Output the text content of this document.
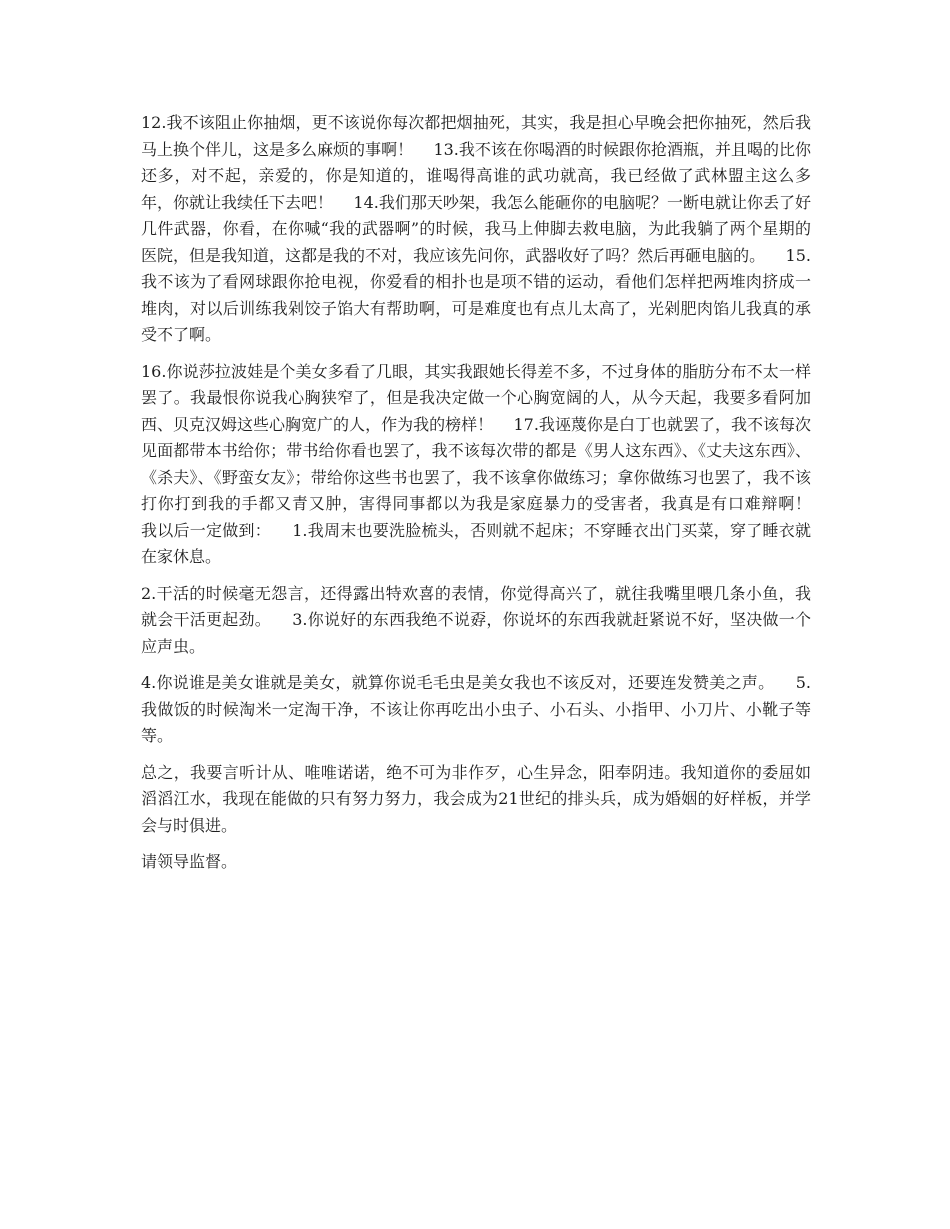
12.我不该阻止你抽烟，更不该说你每次都把烟抽死，其实，我是担心早晚会把你抽死，然后我马上换个伴儿，这是多么麻烦的事啊！    13.我不该在你喝酒的时候跟你抢酒瓶，并且喝的比你还多，对不起，亲爱的，你是知道的，谁喝得高谁的武功就高，我已经做了武林盟主这么多年，你就让我续任下去吧！    14.我们那天吵架，我怎么能砸你的电脑呢？一断电就让你丢了好几件武器，你看，在你喊“我的武器啊”的时候，我马上伸脚去救电脑，为此我躺了两个星期的医院，但是我知道，这都是我的不对，我应该先问你，武器收好了吗？然后再砸电脑的。    15.我不该为了看网球跟你抢电视，你爱看的相扑也是项不错的运动，看他们怎样把两堆肉挤成一堆肉，对以后训练我剁饺子馅大有帮助啊，可是难度也有点儿太高了，光剁肥肉馅儿我真的承受不了啊。

16.你说莎拉波娃是个美女多看了几眼，其实我跟她长得差不多，不过身体的脂肪分布不太一样罢了。我最恨你说我心胸狭窄了，但是我决定做一个心胸宽阔的人，从今天起，我要多看阿加西、贝克汉姆这些心胸宽广的人，作为我的榜样！    17.我诬蔑你是白丁也就罢了，我不该每次见面都带本书给你；带书给你看也罢了，我不该每次带的都是《男人这东西》、《丈夫这东西》、《杀夫》、《野蛮女友》；带给你这些书也罢了，我不该拿你做练习；拿你做练习也罢了，我不该打你打到我的手都又青又肿，害得同事都以为我是家庭暴力的受害者，我真是有口难辩啊！    我以后一定做到：    1.我周末也要洗脸梳头，否则就不起床；不穿睡衣出门买菜，穿了睡衣就在家休息。

2.干活的时候毫无怨言，还得露出特欢喜的表情，你觉得高兴了，就往我嘴里喂几条小鱼，我就会干活更起劲。    3.你说好的东西我绝不说孬，你说坏的东西我就赶紧说不好，坚决做一个应声虫。

4.你说谁是美女谁就是美女，就算你说毛毛虫是美女我也不该反对，还要连发赞美之声。    5.我做饭的时候淘米一定淘干净，不该让你再吃出小虫子、小石头、小指甲、小刀片、小靴子等等。

总之，我要言听计从、唯唯诺诺，绝不可为非作歹，心生异念，阳奉阴违。我知道你的委屈如滔滔江水，我现在能做的只有努力努力，我会成为21世纪的排头兵，成为婚姻的好样板，并学会与时俱进。

请领导监督。
